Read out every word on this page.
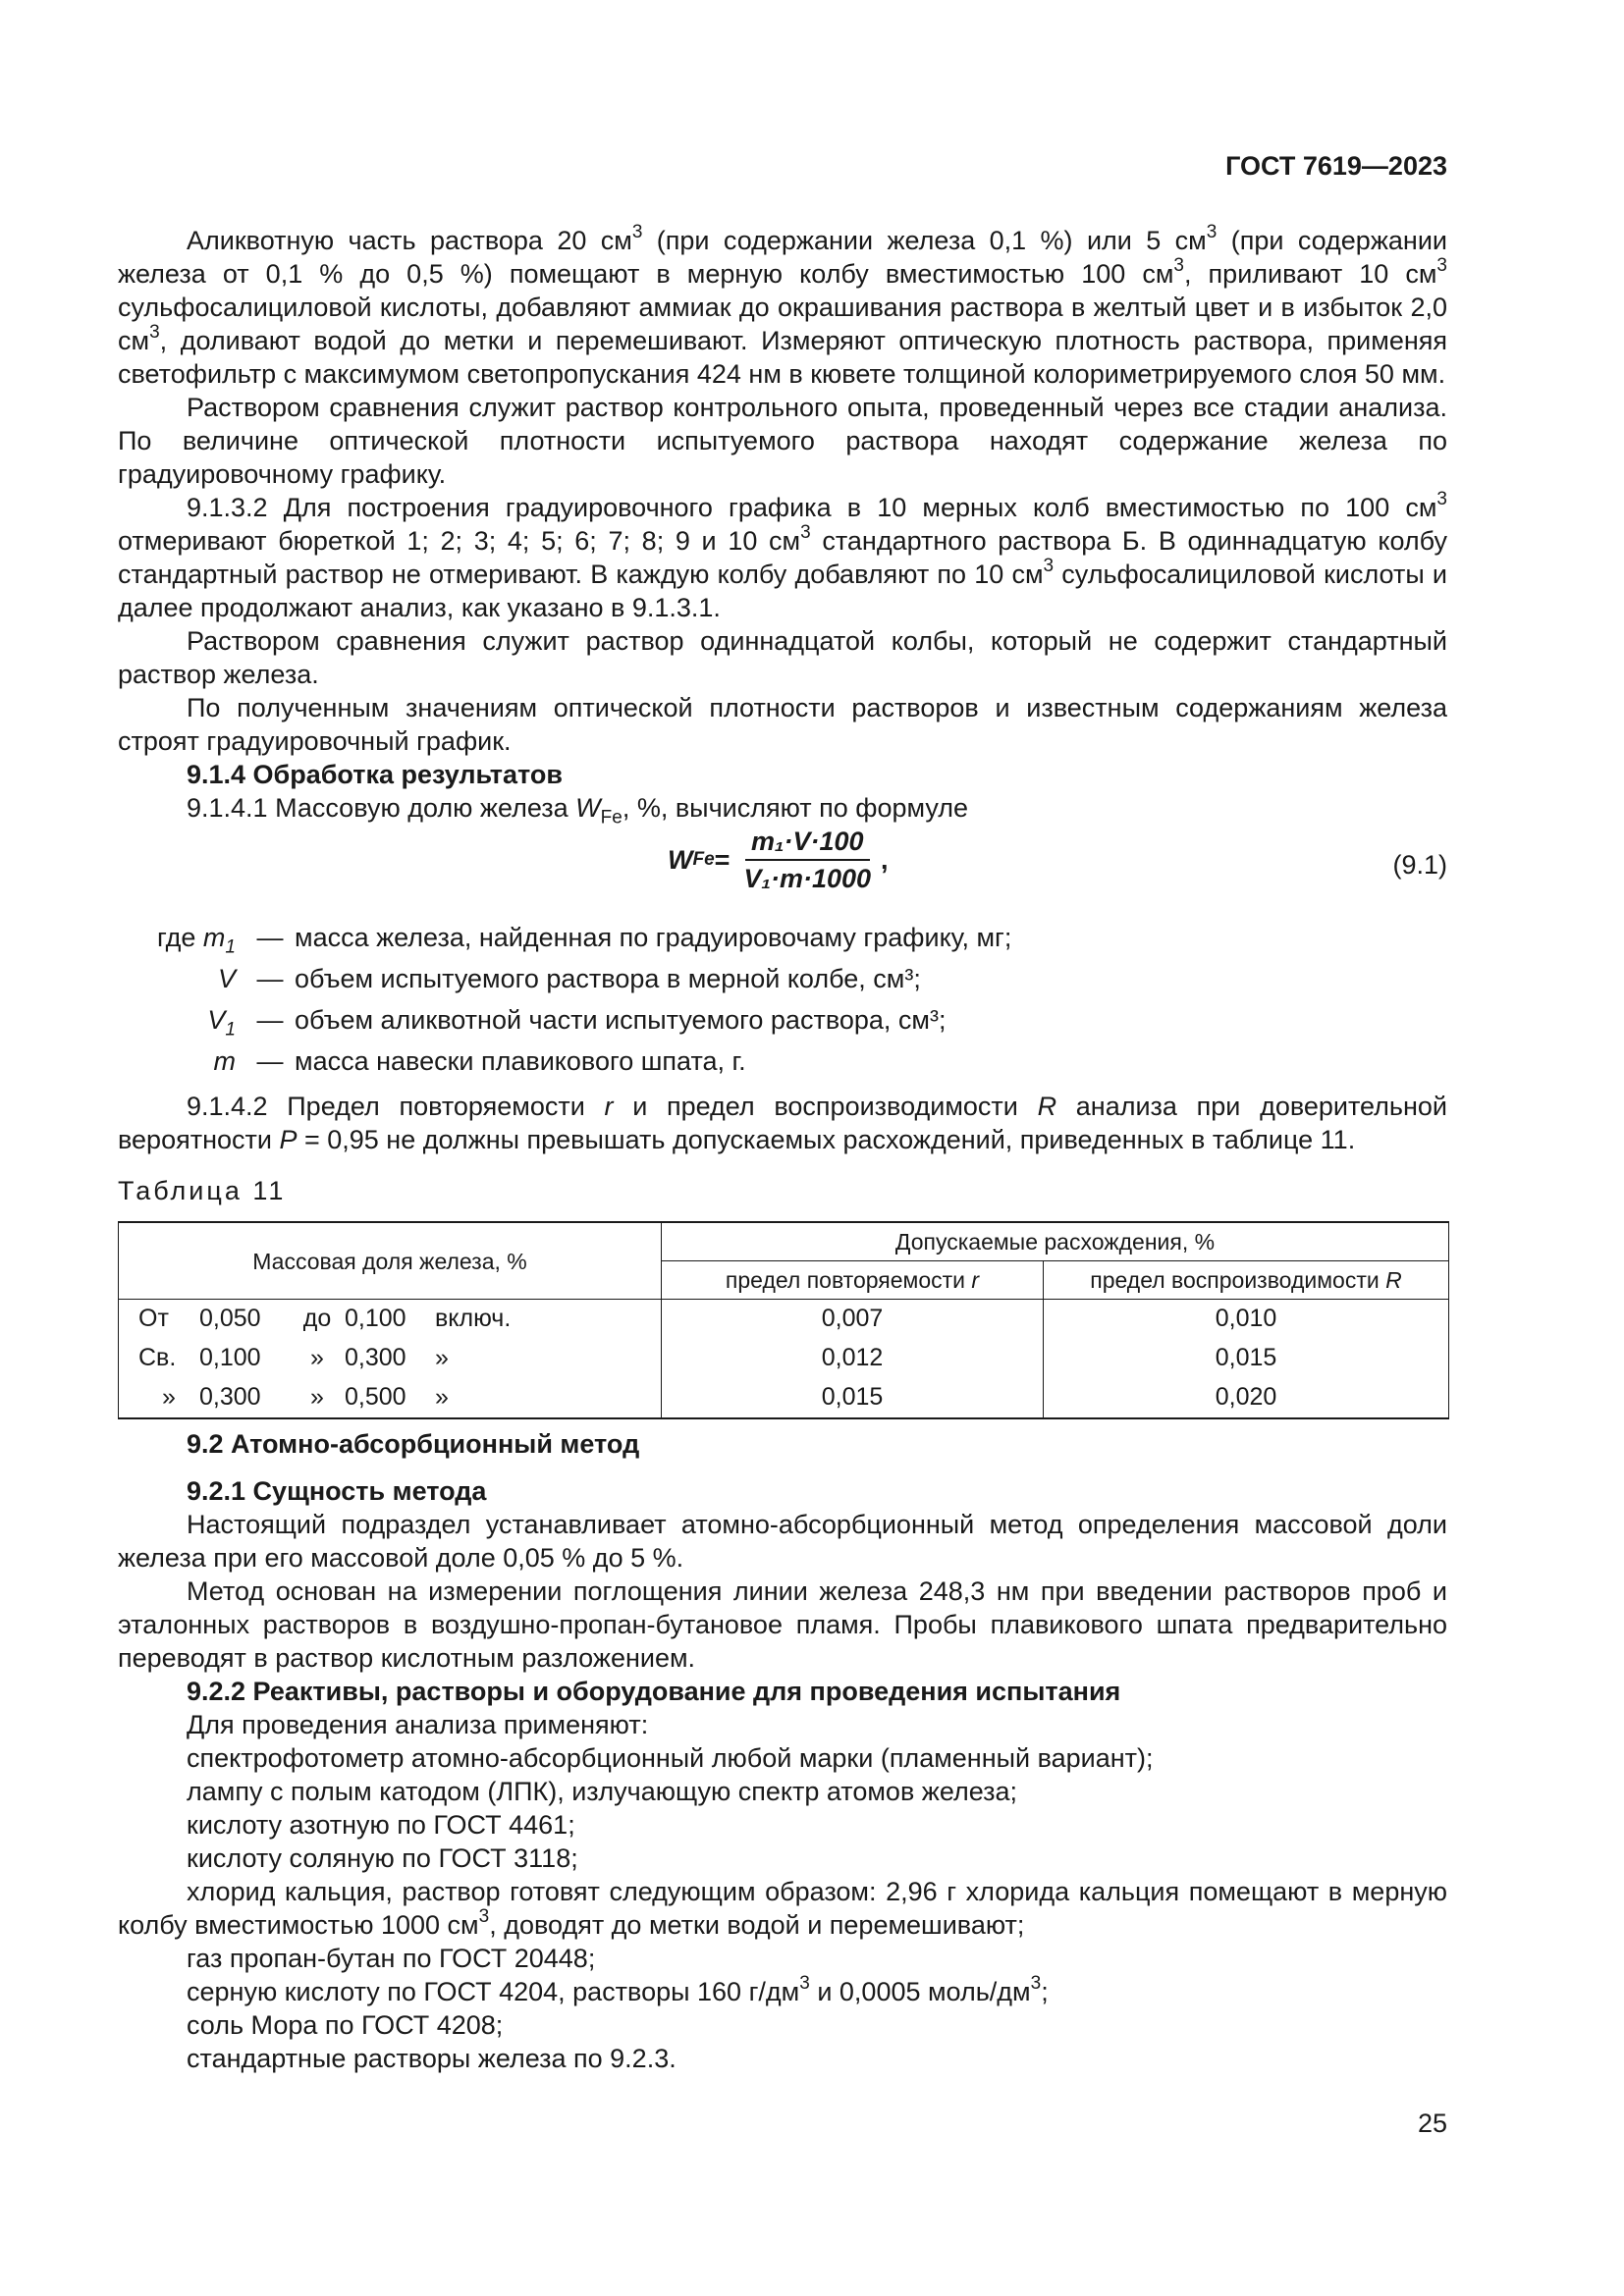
ГОСТ 7619—2023

Аликвотную часть раствора 20 $см^3$ (при содержании железа 0,1 %) или 5 $см^3$ (при содержании железа от 0,1 % до 0,5 %) помещают в мерную колбу вместимостью 100 $см^3$, приливают 10 $см^3$ сульфосалициловой кислоты, добавляют аммиак до окрашивания раствора в желтый цвет и в избыток 2,0 $см^3$, доливают водой до метки и перемешивают. Измеряют оптическую плотность раствора, применяя светофильтр с максимумом светопропускания 424 нм в кювете толщиной колориметрируемого слоя 50 мм.

Раствором сравнения служит раствор контрольного опыта, проведенный через все стадии анализа. По величине оптической плотности испытуемого раствора находят содержание железа по градуировочному графику.

9.1.3.2 Для построения градуировочного графика в 10 мерных колб вместимостью по 100 $см^3$ отмеривают бюреткой 1; 2; 3; 4; 5; 6; 7; 8; 9 и 10 $см^3$ стандартного раствора Б. В одиннадцатую колбу стандартный раствор не отмеривают. В каждую колбу добавляют по 10 $см^3$ сульфосалициловой кислоты и далее продолжают анализ, как указано в 9.1.3.1.

Раствором сравнения служит раствор одиннадцатой колбы, который не содержит стандартный раствор железа.

По полученным значениям оптической плотности растворов и известным содержаниям железа строят градуировочный график.

9.1.4 Обработка результатов

9.1.4.1 Массовую долю железа $W_{Fe}$, %, вычисляют по формуле

W $Fe = \frac{\text{m₁·V·100}}{\text{V₁·m·1000}}$ ,	(9.1)
где $m_1$ — масса железа, найденная по градуировочаму графику, мг;
V — объем испытуемого раствора в мерной колбе, см³;
$V_1$ — объем аликвотной части испытуемого раствора, см³;
m — масса навески плавикового шпата, г.

9.1.4.2 Предел повторяемости r и предел воспроизводимости R анализа при доверительной вероятности P = 0,95 не должны превышать допускаемых расхождений, приведенных в таблице 11.

Таблица 11
Массовая доля железа, %	Допускаемые расхождения, %	
	предел повторяемости r	предел воспроизводимости R
От 0,050 до 0,100 включ.	0,007	0,010
Св. 0,100 » 0,300 »	0,012	0,015
» 0,300 » 0,500 »	0,015	0,020

9.2 Атомно-абсорбционный метод

9.2.1 Сущность метода

Настоящий подраздел устанавливает атомно-абсорбционный метод определения массовой доли железа при его массовой доле 0,05 % до 5 %.

Метод основан на измерении поглощения линии железа 248,3 нм при введении растворов проб и эталонных растворов в воздушно-пропан-бутановое пламя. Пробы плавикового шпата предварительно переводят в раствор кислотным разложением.

9.2.2 Реактивы, растворы и оборудование для проведения испытания

Для проведения анализа применяют:

спектрофотометр атомно-абсорбционный любой марки (пламенный вариант);

лампу с полым катодом (ЛПК), излучающую спектр атомов железа;

кислоту азотную по ГОСТ 4461;

кислоту соляную по ГОСТ 3118;

хлорид кальция, раствор готовят следующим образом: 2,96 г хлорида кальция помещают в мерную колбу вместимостью 1000 $см^3$, доводят до метки водой и перемешивают;

газ пропан-бутан по ГОСТ 20448;

серную кислоту по ГОСТ 4204, растворы 160 $г/дм^3$ и 0,0005 моль/$дм^3$;

соль Мора по ГОСТ 4208;

стандартные растворы железа по 9.2.3.

25
